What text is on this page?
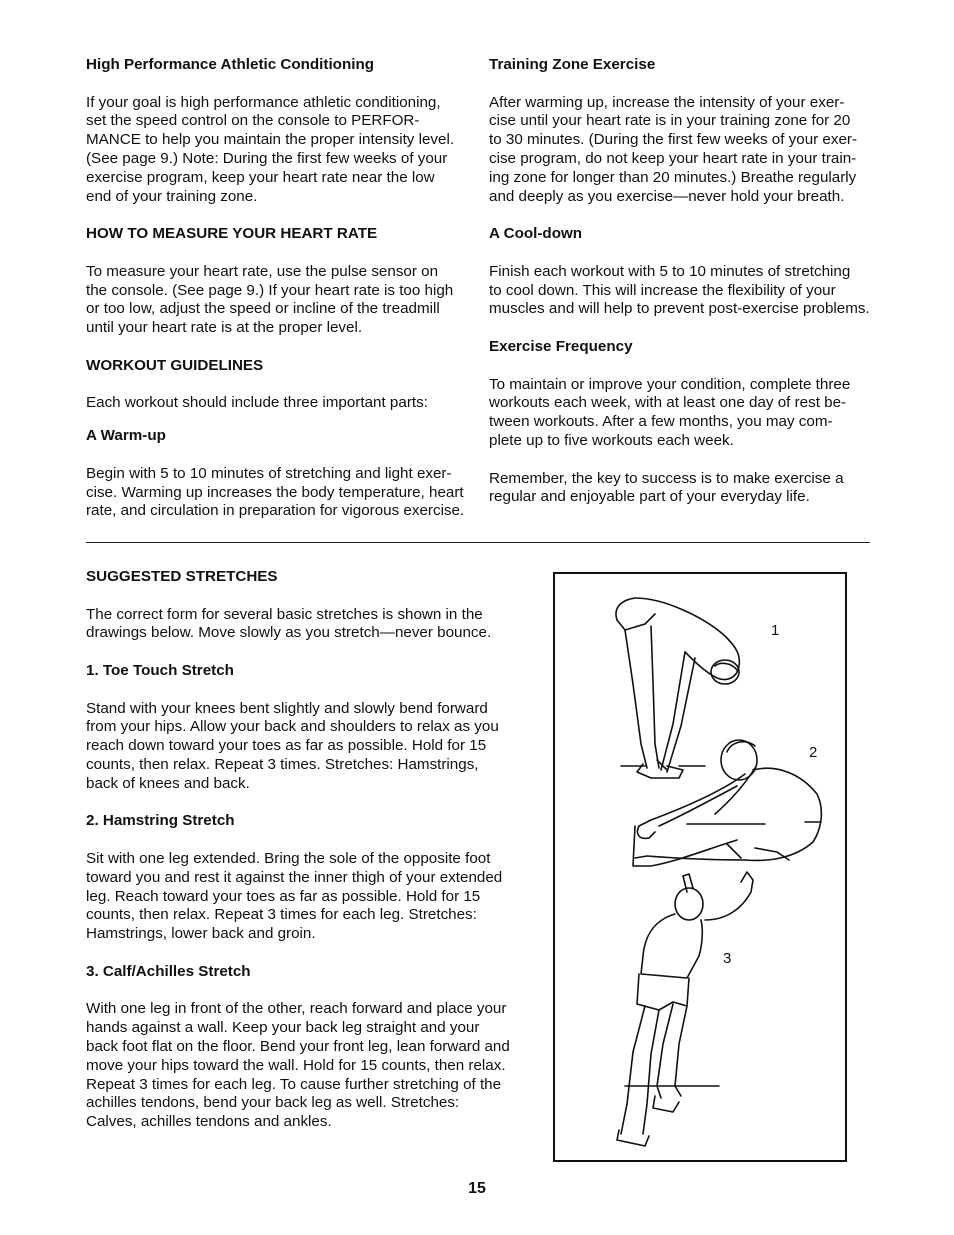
High Performance Athletic Conditioning

If your goal is high performance athletic conditioning,

set the speed control on the console to PERFOR-

MANCE to help you maintain the proper intensity level.

(See page 9.) Note: During the first few weeks of your

exercise program, keep your heart rate near the low

end of your training zone.

HOW TO MEASURE YOUR HEART RATE

To measure your heart rate, use the pulse sensor on

the console. (See page 9.) If your heart rate is too high

or too low, adjust the speed or incline of the treadmill

until your heart rate is at the proper level.

WORKOUT GUIDELINES

Each workout should include three important parts:

A Warm-up

Begin with 5 to 10 minutes of stretching and light exer-

cise. Warming up increases the body temperature, heart

rate, and circulation in preparation for vigorous exercise.

Training Zone Exercise

After warming up, increase the intensity of your exer-

cise until your heart rate is in your training zone for 20

to 30 minutes. (During the first few weeks of your exer-

cise program, do not keep your heart rate in your train-

ing zone for longer than 20 minutes.) Breathe regularly

and deeply as you exercise—never hold your breath.

A Cool-down

Finish each workout with 5 to 10 minutes of stretching

to cool down. This will increase the flexibility of your

muscles and will help to prevent post-exercise problems.

Exercise Frequency

To maintain or improve your condition, complete three

workouts each week, with at least one day of rest be-

tween workouts. After a few months, you may com-

plete up to five workouts each week.

Remember, the key to success is to make exercise a

regular and enjoyable part of your everyday life.

SUGGESTED STRETCHES

The correct form for several basic stretches is shown in the

drawings below. Move slowly as you stretch—never bounce.

1. Toe Touch Stretch

Stand with your knees bent slightly and slowly bend forward

from your hips. Allow your back and shoulders to relax as you

reach down toward your toes as far as possible. Hold for 15

counts, then relax. Repeat 3 times. Stretches: Hamstrings,

back of knees and back.

2. Hamstring Stretch

Sit with one leg extended. Bring the sole of the opposite foot

toward you and rest it against the inner thigh of your extended

leg. Reach toward your toes as far as possible. Hold for 15

counts, then relax. Repeat 3 times for each leg. Stretches:

Hamstrings, lower back and groin.

3. Calf/Achilles Stretch

With one leg in front of the other, reach forward and place your

hands against a wall. Keep your back leg straight and your

back foot flat on the floor. Bend your front leg, lean forward and

move your hips toward the wall. Hold for 15 counts, then relax.

Repeat 3 times for each leg. To cause further stretching of the

achilles tendons, bend your back leg as well. Stretches:

Calves, achilles tendons and ankles.

1
2
3
15
